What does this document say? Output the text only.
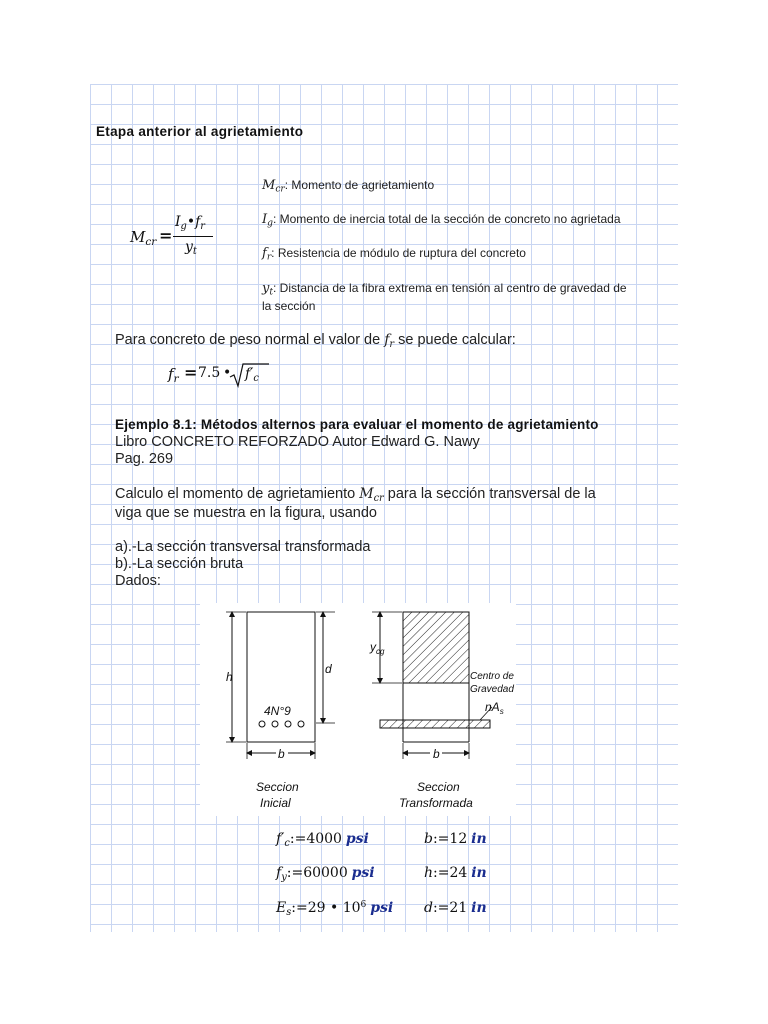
Etapa anterior al agrietamiento
$M_{cr}$ =
$I_g•f_r$
$y_t$
$M_{cr}$: Momento de agrietamiento
$I_g$: Momento de inercia total de la sección de concreto no agrietada
$f_r$: Resistencia de módulo de ruptura del concreto
$y_t$: Distancia de la fibra extrema en tensión al centro de gravedad de
la sección
Para concreto de peso normal el valor de $f_r$ se puede calcular:
$f_r = 7.5$ • $f'_c$
Ejemplo 8.1: Métodos alternos para evaluar el momento de agrietamiento
Libro CONCRETO REFORZADO Autor Edward G. Nawy
Pag. 269
Calculo el momento de agrietamiento $M_{cr}$ para la sección transversal de la
viga que se muestra en la figura, usando
a).-La sección transversal transformada
b).-La sección bruta
Dados:
h
d
4N°9
b
Seccion
Inicial
$y_{cg}$
Centro de
Gravedad
$nA_s$
b
Seccion
Transformada
$f'_c:=4000$ psi	b:=12 in
$f_y:=60000$ psi	h:=24 in
$E_s:=29$ • $10^6$ psi d:=21 in
